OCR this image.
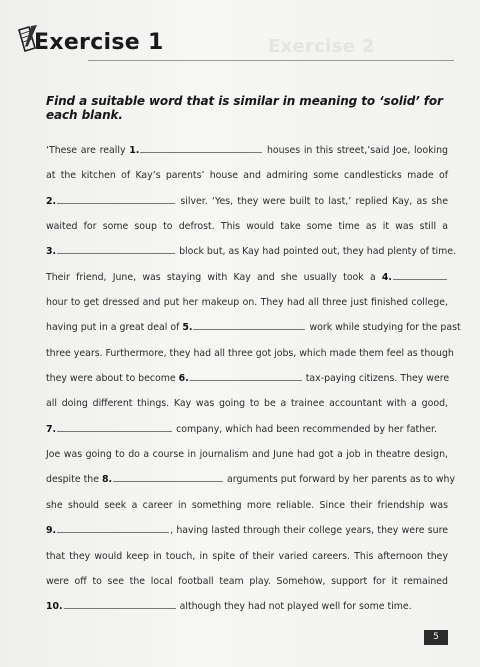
Exercise 1	Exercise 2
Find a suitable word that is similar in meaning to ‘solid’ for each blank.
‘These are really 1.	houses in this street,’said Joe, looking
at the kitchen of Kay’s parents’ house and admiring some candlesticks made of
2.	silver. ‘Yes, they were built to last,’ replied Kay, as she
waited for some soup to defrost. This would take some time as it was still a
3.	block but, as Kay had pointed out, they had plenty of time.
Their friend, June, was staying with Kay and she usually took a 4.
hour to get dressed and put her makeup on. They had all three just finished college,
having put in a great deal of 5.	work while studying for the past
three years. Furthermore, they had all three got jobs, which made them feel as though
they were about to become 6.	tax-paying citizens. They were
all doing different things. Kay was going to be a trainee accountant with a good,
7.	company, which had been recommended by her father.
Joe was going to do a course in journalism and June had got a job in theatre design,
despite the 8.	arguments put forward by her parents as to why
she should seek a career in something more reliable. Since their friendship was
9.	, having lasted through their college years, they were sure
that they would keep in touch, in spite of their varied careers. This afternoon they
were off to see the local football team play. Somehow, support for it remained
10.	although they had not played well for some time.
5
